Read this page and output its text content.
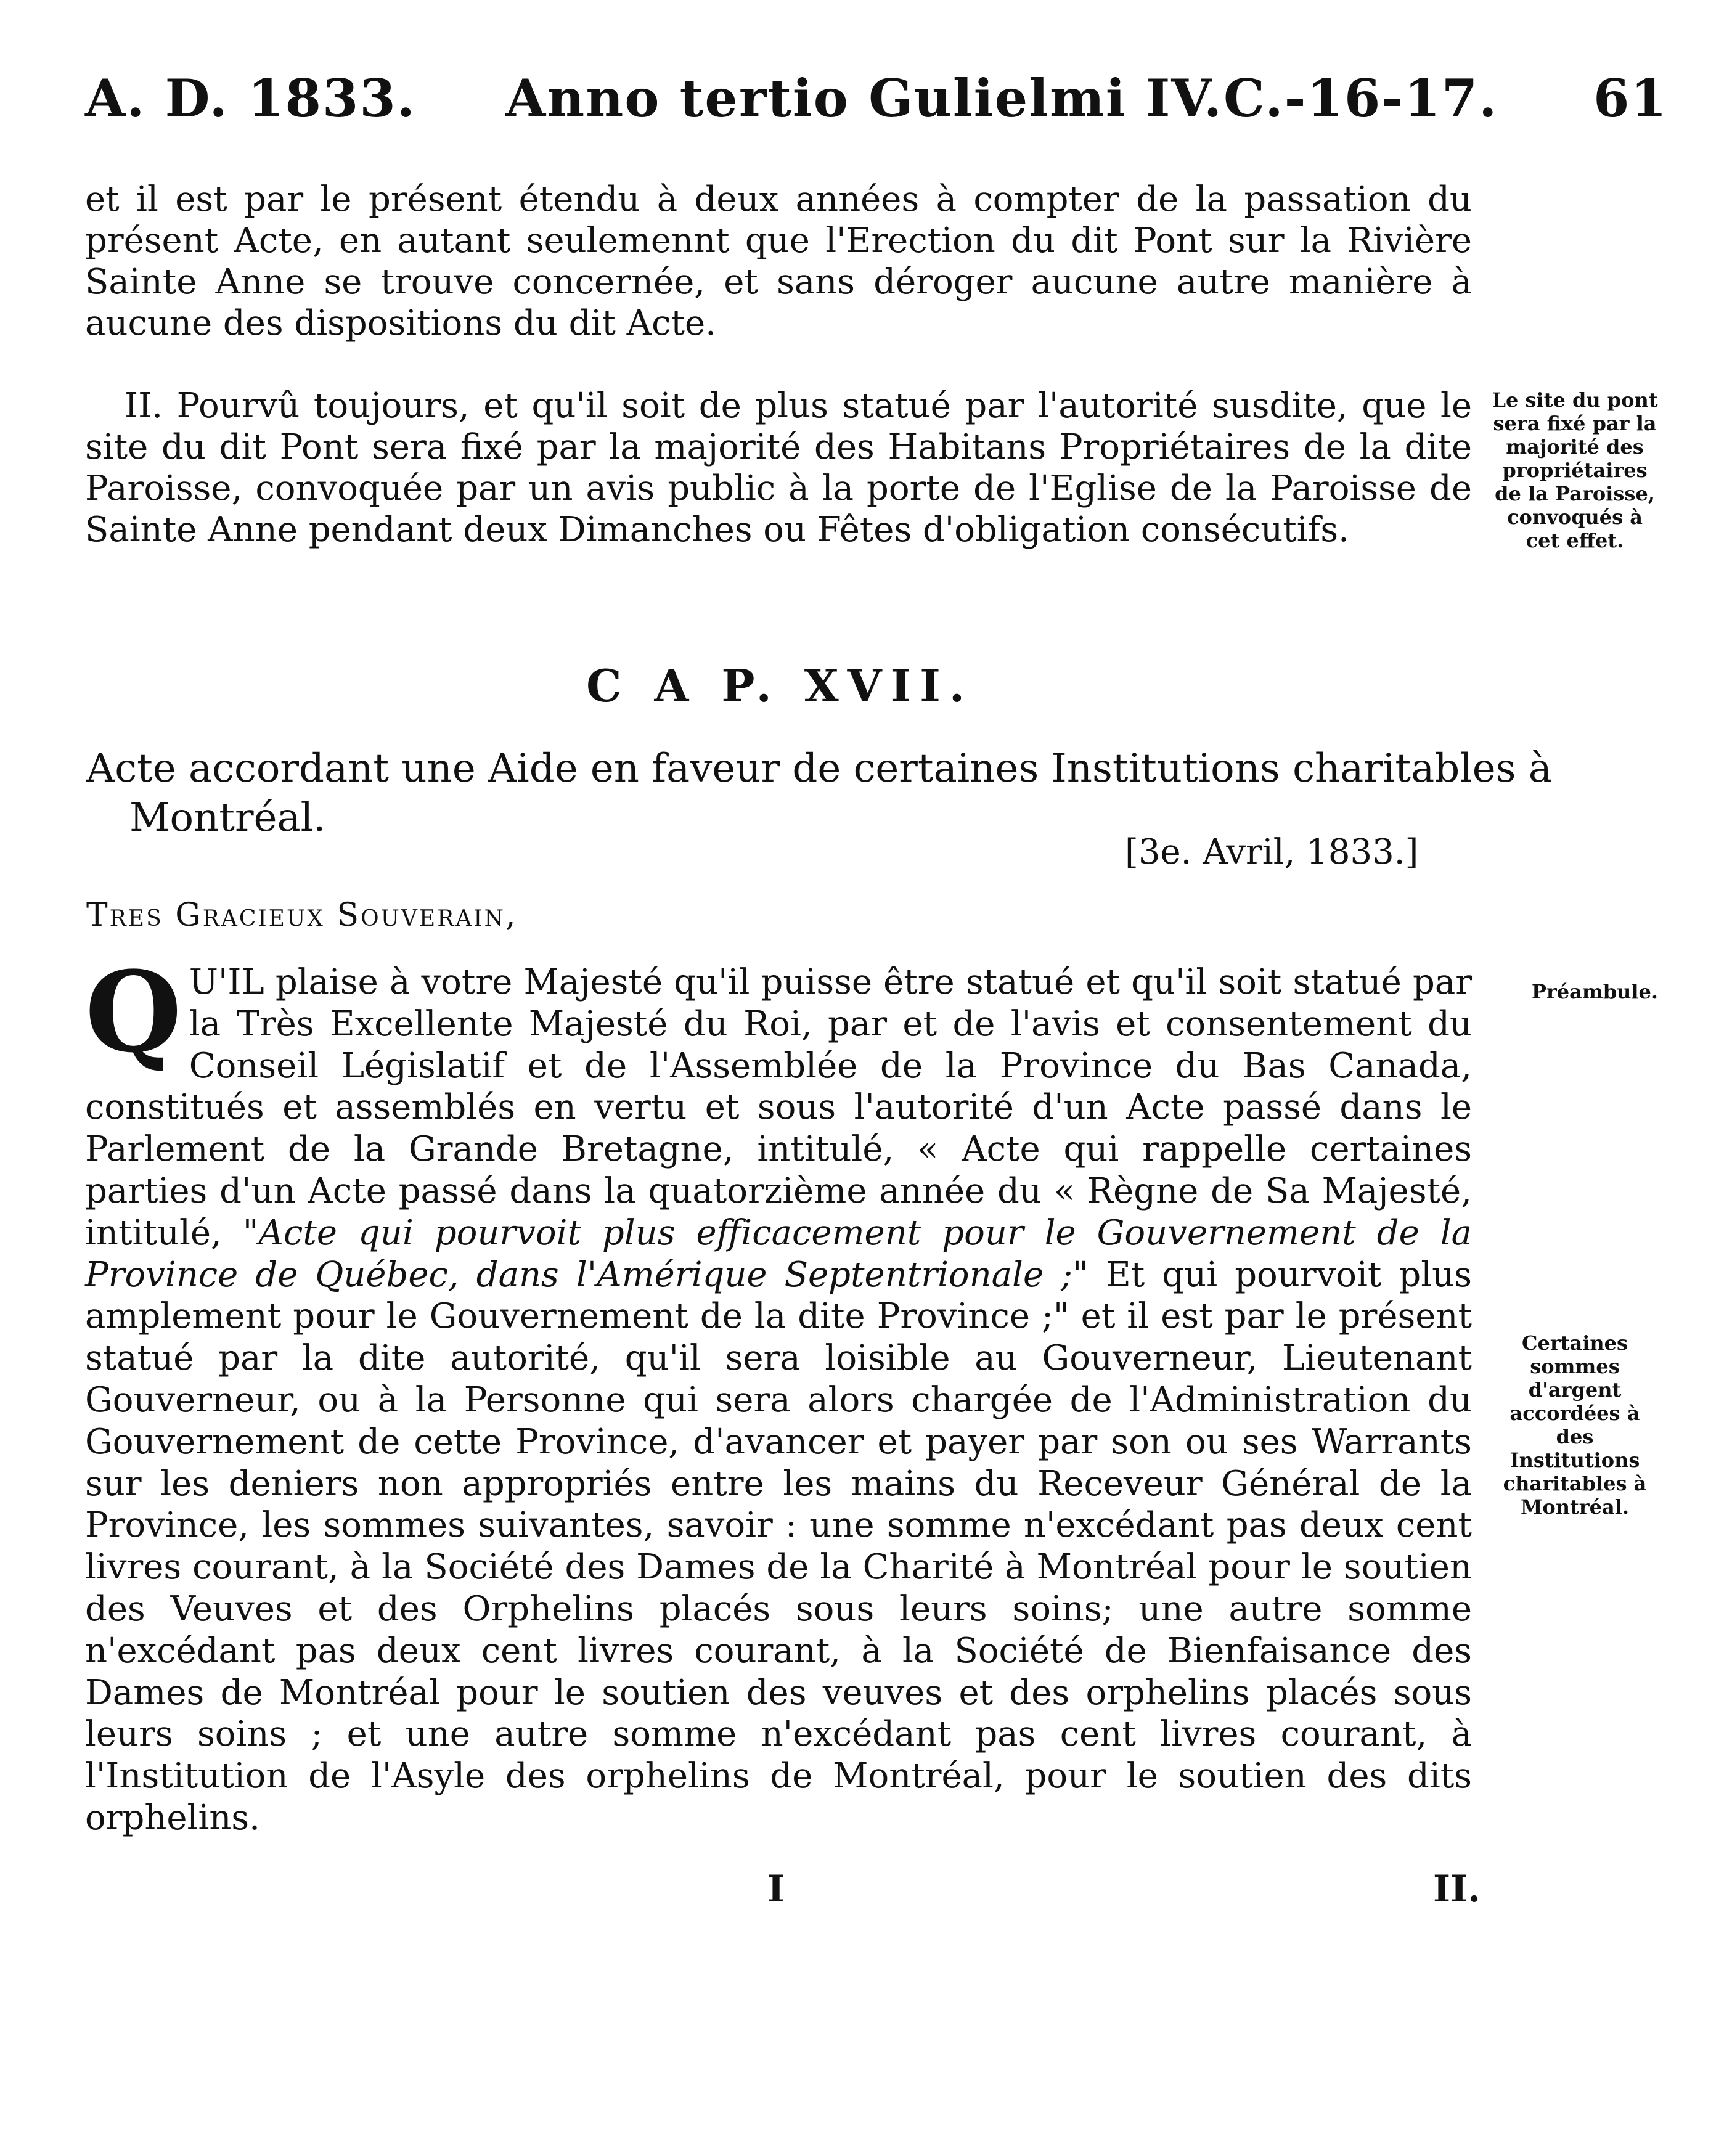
A. D. 1833. Anno tertio Gulielmi IV. C.-16-17. 61
et il est par le présent étendu à deux années à compter de la passation du présent Acte, en autant seulemennt que l'Erection du dit Pont sur la Rivière Sainte Anne se trouve concernée, et sans déroger aucune autre manière à aucune des dispositions du dit Acte.
II. Pourvû toujours, et qu'il soit de plus statué par l'autorité susdite, que le site du dit Pont sera fixé par la majorité des Habitans Propriétaires de la dite Paroisse, convoquée par un avis public à la porte de l'Eglise de la Paroisse de Sainte Anne pendant deux Dimanches ou Fêtes d'obligation consécutifs.
Le site du pont sera fixé par la majorité des propriétaires de la Paroisse, convoqués à cet effet.
C A P. XVII.
Acte accordant une Aide en faveur de certaines Institutions charitables à
Montréal.
[3e. Avril, 1833.]
Tres Gracieux Souverain,
Q U'IL plaise à votre Majesté qu'il puisse être statué et qu'il soit statué par la Très Excellente Majesté du Roi, par et de l'avis et consentement du Conseil Législatif et de l'Assemblée de la Province du Bas Canada, constitués et assemblés en vertu et sous l'autorité d'un Acte passé dans le Parlement de la Grande Bretagne, intitulé, « Acte qui rappelle certaines parties d'un Acte passé dans la quatorzième année du « Règne de Sa Majesté, intitulé, "Acte qui pourvoit plus efficacement pour le Gouvernement de la Province de Québec, dans l'Amérique Septentrionale ;" Et qui pourvoit plus amplement pour le Gouvernement de la dite Province ;" et il est par le présent statué par la dite autorité, qu'il sera loisible au Gouverneur, Lieutenant Gouverneur, ou à la Personne qui sera alors chargée de l'Administration du Gouvernement de cette Province, d'avancer et payer par son ou ses Warrants sur les deniers non appropriés entre les mains du Receveur Général de la Province, les sommes suivantes, savoir : une somme n'excédant pas deux cent livres courant, à la Société des Dames de la Charité à Montréal pour le soutien des Veuves et des Orphelins placés sous leurs soins; une autre somme n'excédant pas deux cent livres courant, à la Société de Bienfaisance des Dames de Montréal pour le soutien des veuves et des orphelins placés sous leurs soins ; et une autre somme n'excédant pas cent livres courant, à l'Institution de l'Asyle des orphelins de Montréal, pour le soutien des dits orphelins.
Préambule.
Certaines sommes d'argent accordées à des Institutions charitables à Montréal.
I	II.
